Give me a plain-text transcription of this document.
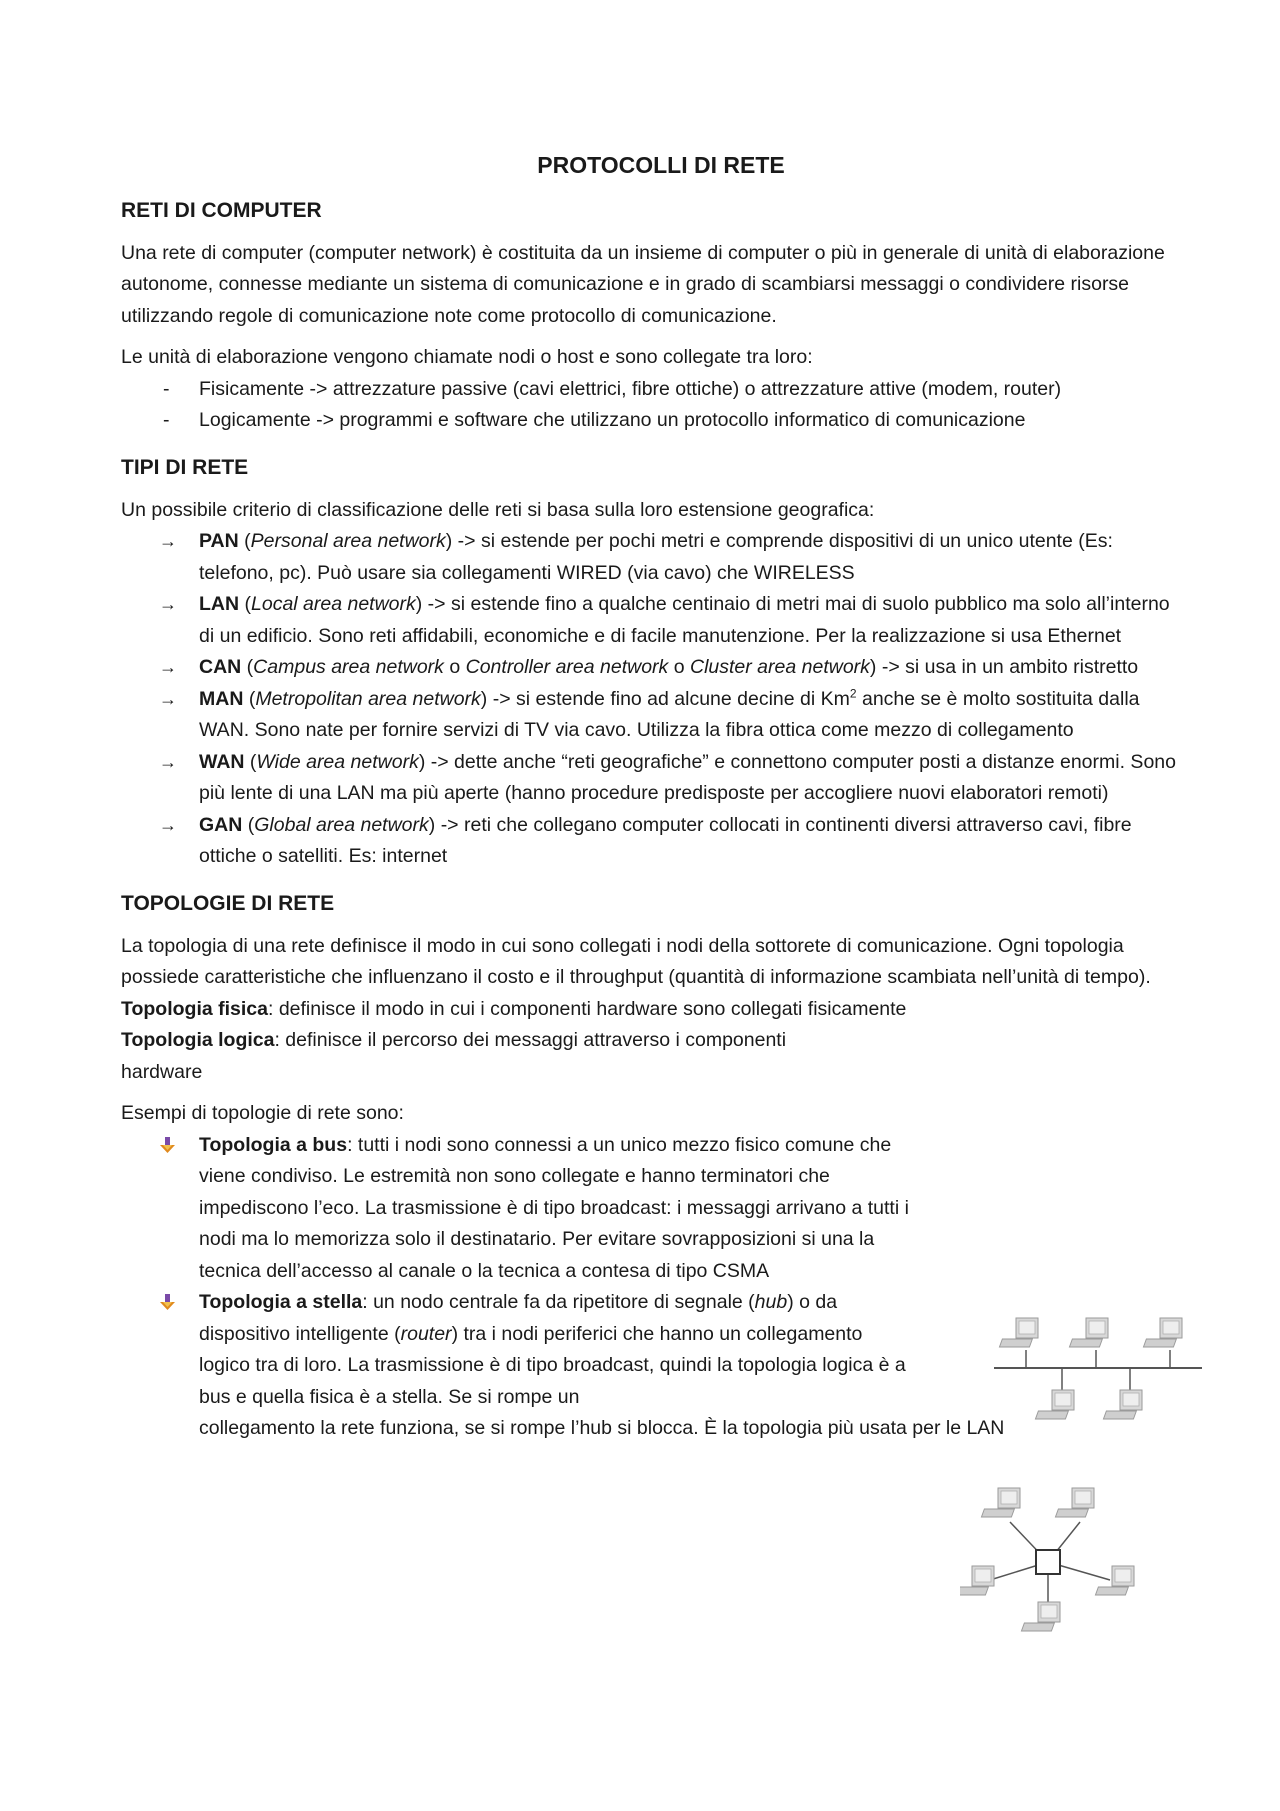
PROTOCOLLI DI RETE
RETI DI COMPUTER

Una rete di computer (computer network) è costituita da un insieme di computer o più in generale di unità di elaborazione autonome, connesse mediante un sistema di comunicazione e in grado di scambiarsi messaggi o condividere risorse utilizzando regole di comunicazione note come protocollo di comunicazione.

Le unità di elaborazione vengono chiamate nodi o host e sono collegate tra loro:
-	Fisicamente -> attrezzature passive (cavi elettrici, fibre ottiche) o attrezzature attive (modem, router)
-	Logicamente -> programmi e software che utilizzano un protocollo informatico di comunicazione
TIPI DI RETE
Un possibile criterio di classificazione delle reti si basa sulla loro estensione geografica:
→	PAN (Personal area network) -> si estende per pochi metri e comprende dispositivi di un unico utente (Es: telefono, pc). Può usare sia collegamenti WIRED (via cavo) che WIRELESS
→	LAN (Local area network) -> si estende fino a qualche centinaio di metri mai di suolo pubblico ma solo all’interno di un edificio. Sono reti affidabili, economiche e di facile manutenzione. Per la realizzazione si usa Ethernet
→	CAN (Campus area network o Controller area network o Cluster area network) -> si usa in un ambito ristretto
→	MAN (Metropolitan area network) -> si estende fino ad alcune decine di Km$^2$ anche se è molto sostituita dalla WAN. Sono nate per fornire servizi di TV via cavo. Utilizza la fibra ottica come mezzo di collegamento
→	WAN (Wide area network) -> dette anche “reti geografiche” e connettono computer posti a distanze enormi. Sono più lente di una LAN ma più aperte (hanno procedure predisposte per accogliere nuovi elaboratori remoti)
→	GAN (Global area network) -> reti che collegano computer collocati in continenti diversi attraverso cavi, fibre ottiche o satelliti. Es: internet
TOPOLOGIE DI RETE
La topologia di una rete definisce il modo in cui sono collegati i nodi della sottorete di comunicazione. Ogni topologia possiede caratteristiche che influenzano il costo e il throughput (quantità di informazione scambiata nell’unità di tempo).
Topologia fisica: definisce il modo in cui i componenti hardware sono collegati fisicamente
Topologia logica: definisce il percorso dei messaggi attraverso i componenti hardware
Esempi di topologie di rete sono:
Topologia a bus: tutti i nodi sono connessi a un unico mezzo fisico comune che viene condiviso. Le estremità non sono collegate e hanno terminatori che impediscono l’eco. La trasmissione è di tipo broadcast: i messaggi arrivano a tutti i nodi ma lo memorizza solo il destinatario. Per evitare sovrapposizioni si una la tecnica dell’accesso al canale o la tecnica a contesa di tipo CSMA
Topologia a stella: un nodo centrale fa da ripetitore di segnale (hub) o da dispositivo intelligente (router) tra i nodi periferici che hanno un collegamento logico tra di loro. La trasmissione è di tipo broadcast, quindi la topologia logica è a bus e quella fisica è a stella. Se si rompe un
collegamento la rete funziona, se si rompe l’hub si blocca. È la topologia più usata per le LAN
